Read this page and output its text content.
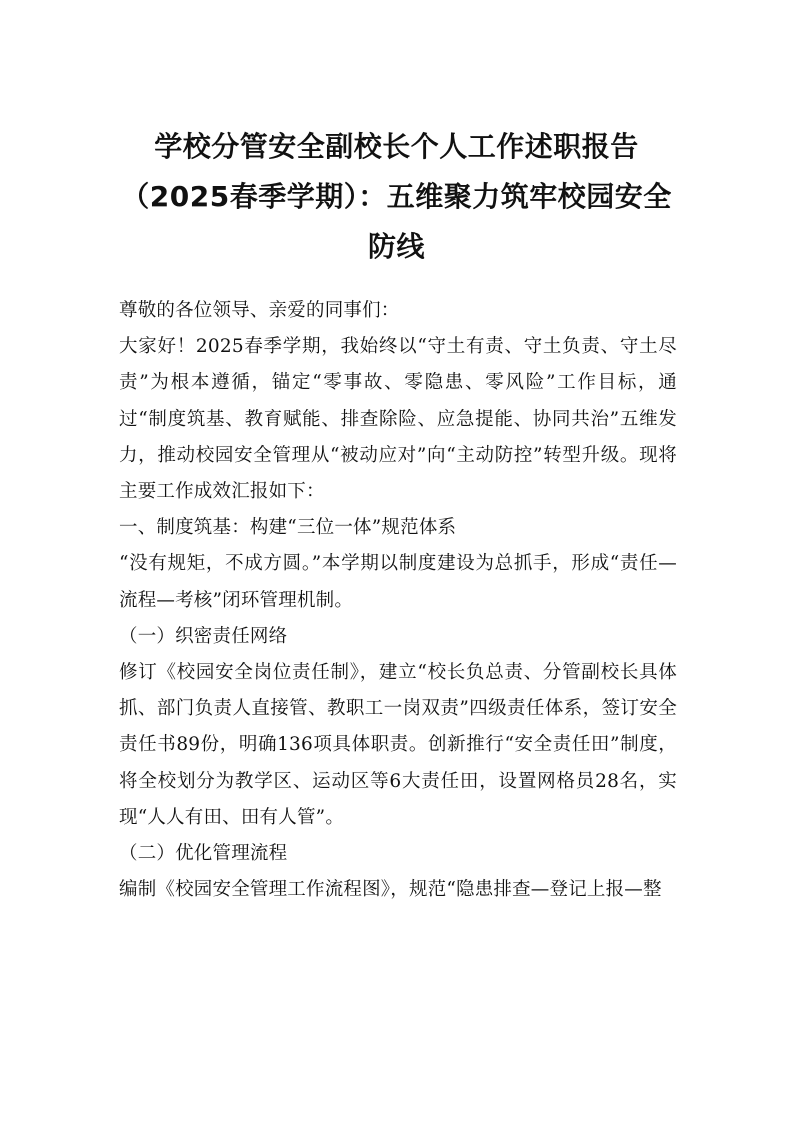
学校分管安全副校长个人工作述职报告（2025春季学期）：五维聚力筑牢校园安全防线

尊敬的各位领导、亲爱的同事们：

大家好！2025春季学期，我始终以“守土有责、守土负责、守土尽责”为根本遵循，锚定“零事故、零隐患、零风险”工作目标，通过“制度筑基、教育赋能、排查除险、应急提能、协同共治”五维发力，推动校园安全管理从“被动应对”向“主动防控”转型升级。现将主要工作成效汇报如下：

一、制度筑基：构建“三位一体”规范体系

“没有规矩，不成方圆。”本学期以制度建设为总抓手，形成“责任—流程—考核”闭环管理机制。

（一）织密责任网络

修订《校园安全岗位责任制》，建立“校长负总责、分管副校长具体抓、部门负责人直接管、教职工一岗双责”四级责任体系，签订安全责任书89份，明确136项具体职责。创新推行“安全责任田”制度，将全校划分为教学区、运动区等6大责任田，设置网格员28名，实现“人人有田、田有人管”。

（二）优化管理流程

编制《校园安全管理工作流程图》，规范“隐患排查—登记上报—整
